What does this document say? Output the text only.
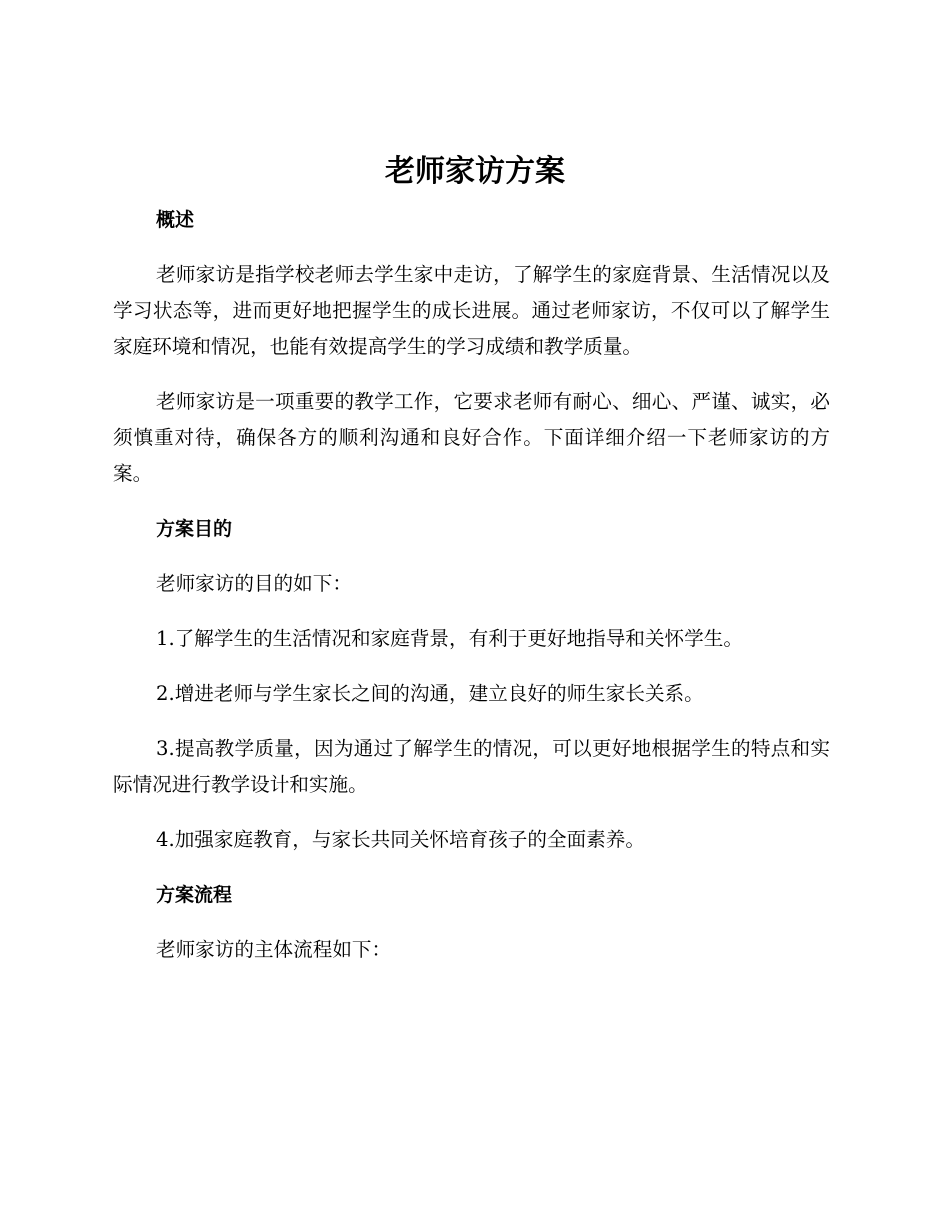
老师家访方案
概述

老师家访是指学校老师去学生家中走访，了解学生的家庭背景、生活情况以及学习状态等，进而更好地把握学生的成长进展。通过老师家访，不仅可以了解学生家庭环境和情况，也能有效提高学生的学习成绩和教学质量。

老师家访是一项重要的教学工作，它要求老师有耐心、细心、严谨、诚实，必须慎重对待，确保各方的顺利沟通和良好合作。下面详细介绍一下老师家访的方案。

方案目的

老师家访的目的如下：

1.了解学生的生活情况和家庭背景，有利于更好地指导和关怀学生。

2.增进老师与学生家长之间的沟通，建立良好的师生家长关系。

3.提高教学质量，因为通过了解学生的情况，可以更好地根据学生的特点和实际情况进行教学设计和实施。

4.加强家庭教育，与家长共同关怀培育孩子的全面素养。

方案流程

老师家访的主体流程如下：
